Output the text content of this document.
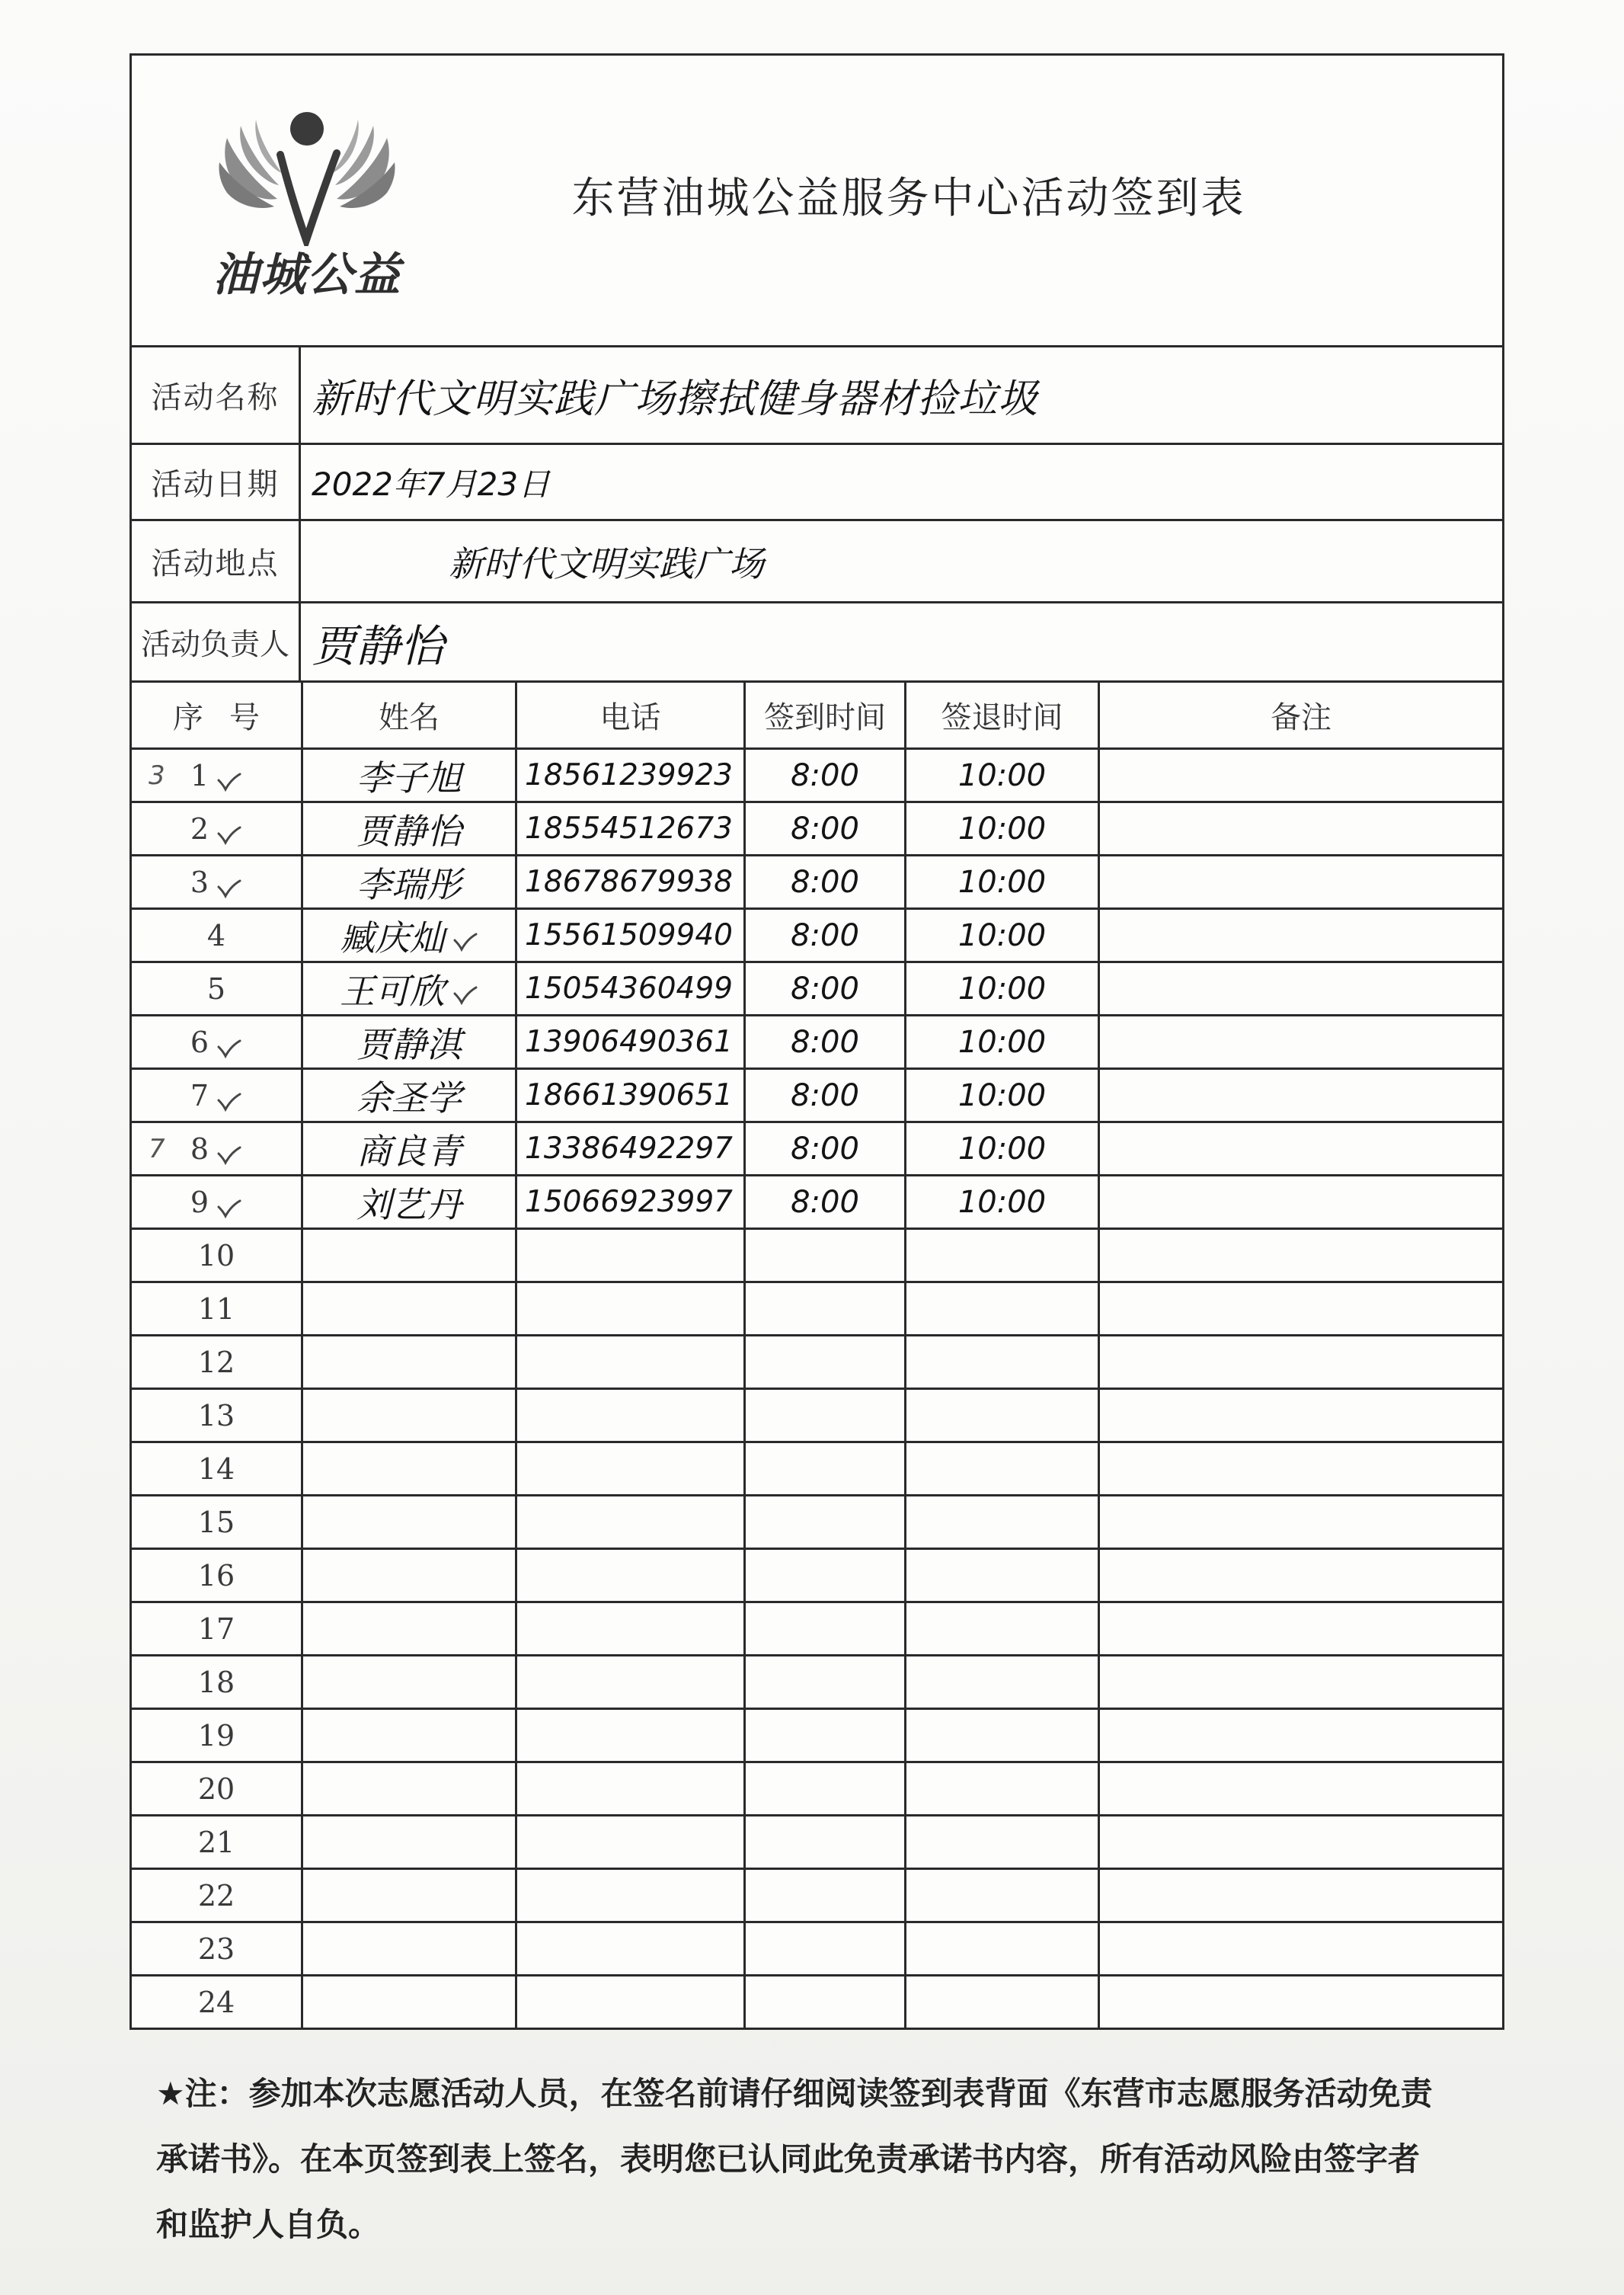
油城公益
东营油城公益服务中心活动签到表
活动名称 新时代文明实践广场擦拭健身器材捡垃圾
活动日期	2022年7月23日
活动地点	新时代文明实践广场
活动负责人 贾静怡
序号	姓名	电话	签到时间	签退时间	备注
3 1	李子旭 18561239923 8:00	10:00
2	贾静怡 18554512673 8:00	10:00
3	李瑞彤 18678679938 8:00	10:00
4	臧庆灿	15561509940 8:00	10:00
5	王可欣	15054360499 8:00	10:00
6	贾静淇 13906490361 8:00	10:00
7	余圣学 18661390651 8:00	10:00
7 8	商良青 13386492297 8:00	10:00
9	刘艺丹 15066923997 8:00	10:00
10
11
12
13
14
15
16
17
18
19
20
21
22
23
24
★注：参加本次志愿活动人员，在签名前请仔细阅读签到表背面《东营市志愿服务活动免责
承诺书》。在本页签到表上签名，表明您已认同此免责承诺书内容，所有活动风险由签字者
和监护人自负。
